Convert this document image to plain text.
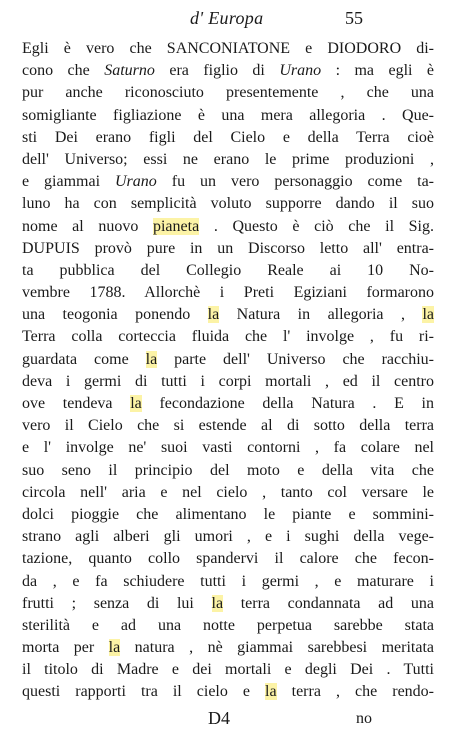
d' Europa	55
Egli è vero che SANCONIATONE e DIODORO di-
cono che Saturno era figlio di Urano : ma egli è
pur anche riconosciuto presentemente , che una
somigliante figliazione è una mera allegoria . Que-
sti Dei erano figli del Cielo e della Terra cioè
dell' Universo; essi ne erano le prime produzioni ,
e giammai Urano fu un vero personaggio come ta-
luno ha con semplicità voluto supporre dando il suo
nome al nuovo pianeta . Questo è ciò che il Sig.
DUPUIS provò pure in un Discorso letto all' entra-
ta pubblica del Collegio Reale ai 10 No-
vembre 1788. Allorchè i Preti Egiziani formarono
una teogonia ponendo la Natura in allegoria , la
Terra colla corteccia fluida che l' involge , fu ri-
guardata come la parte dell' Universo che racchiu-
deva i germi di tutti i corpi mortali , ed il centro
ove tendeva la fecondazione della Natura . E in
vero il Cielo che si estende al di sotto della terra
e l' involge ne' suoi vasti contorni , fa colare nel
suo seno il principio del moto e della vita che
circola nell' aria e nel cielo , tanto col versare le
dolci pioggie che alimentano le piante e sommini-
strano agli alberi gli umori , e i sughi della vege-
tazione, quanto collo spandervi il calore che fecon-
da , e fa schiudere tutti i germi , e maturare i
frutti ; senza di lui la terra condannata ad una
sterilità e ad una notte perpetua sarebbe stata
morta per la natura , nè giammai sarebbesi meritata
il titolo di Madre e dei mortali e degli Dei . Tutti
questi rapporti tra il cielo e la terra , che rendo-
D4	no
